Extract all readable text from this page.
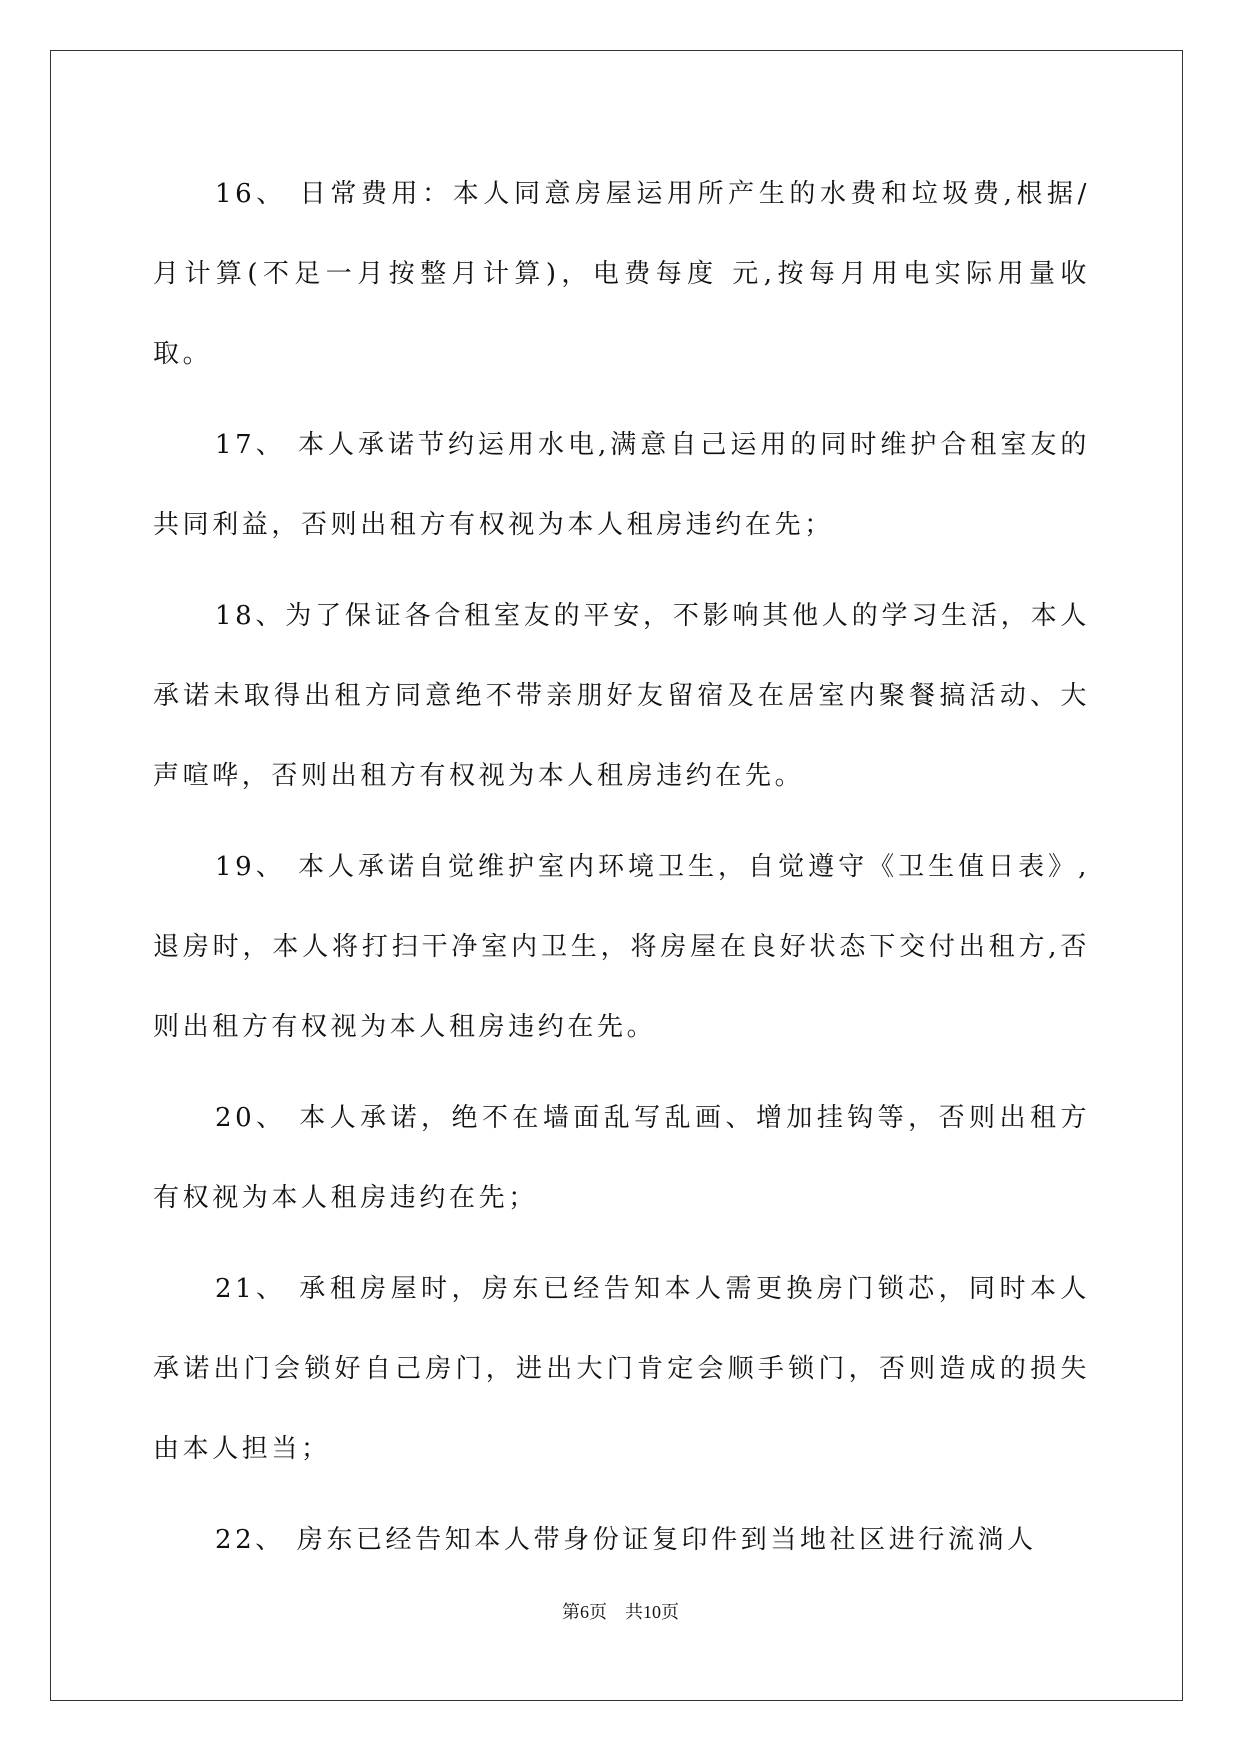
16、 日常费用：本人同意房屋运用所产生的水费和垃圾费,根据/月计算(不足一月按整月计算)，电费每度 元,按每月用电实际用量收取。

17、 本人承诺节约运用水电,满意自己运用的同时维护合租室友的共同利益，否则出租方有权视为本人租房违约在先；

18、为了保证各合租室友的平安，不影响其他人的学习生活，本人承诺未取得出租方同意绝不带亲朋好友留宿及在居室内聚餐搞活动、大声喧哗，否则出租方有权视为本人租房违约在先。

19、 本人承诺自觉维护室内环境卫生，自觉遵守《卫生值日表》,退房时，本人将打扫干净室内卫生，将房屋在良好状态下交付出租方,否则出租方有权视为本人租房违约在先。

20、 本人承诺，绝不在墙面乱写乱画、增加挂钩等，否则出租方有权视为本人租房违约在先；

21、 承租房屋时，房东已经告知本人需更换房门锁芯，同时本人承诺出门会锁好自己房门，进出大门肯定会顺手锁门，否则造成的损失由本人担当；

22、 房东已经告知本人带身份证复印件到当地社区进行流淌人

第6页    共10页
